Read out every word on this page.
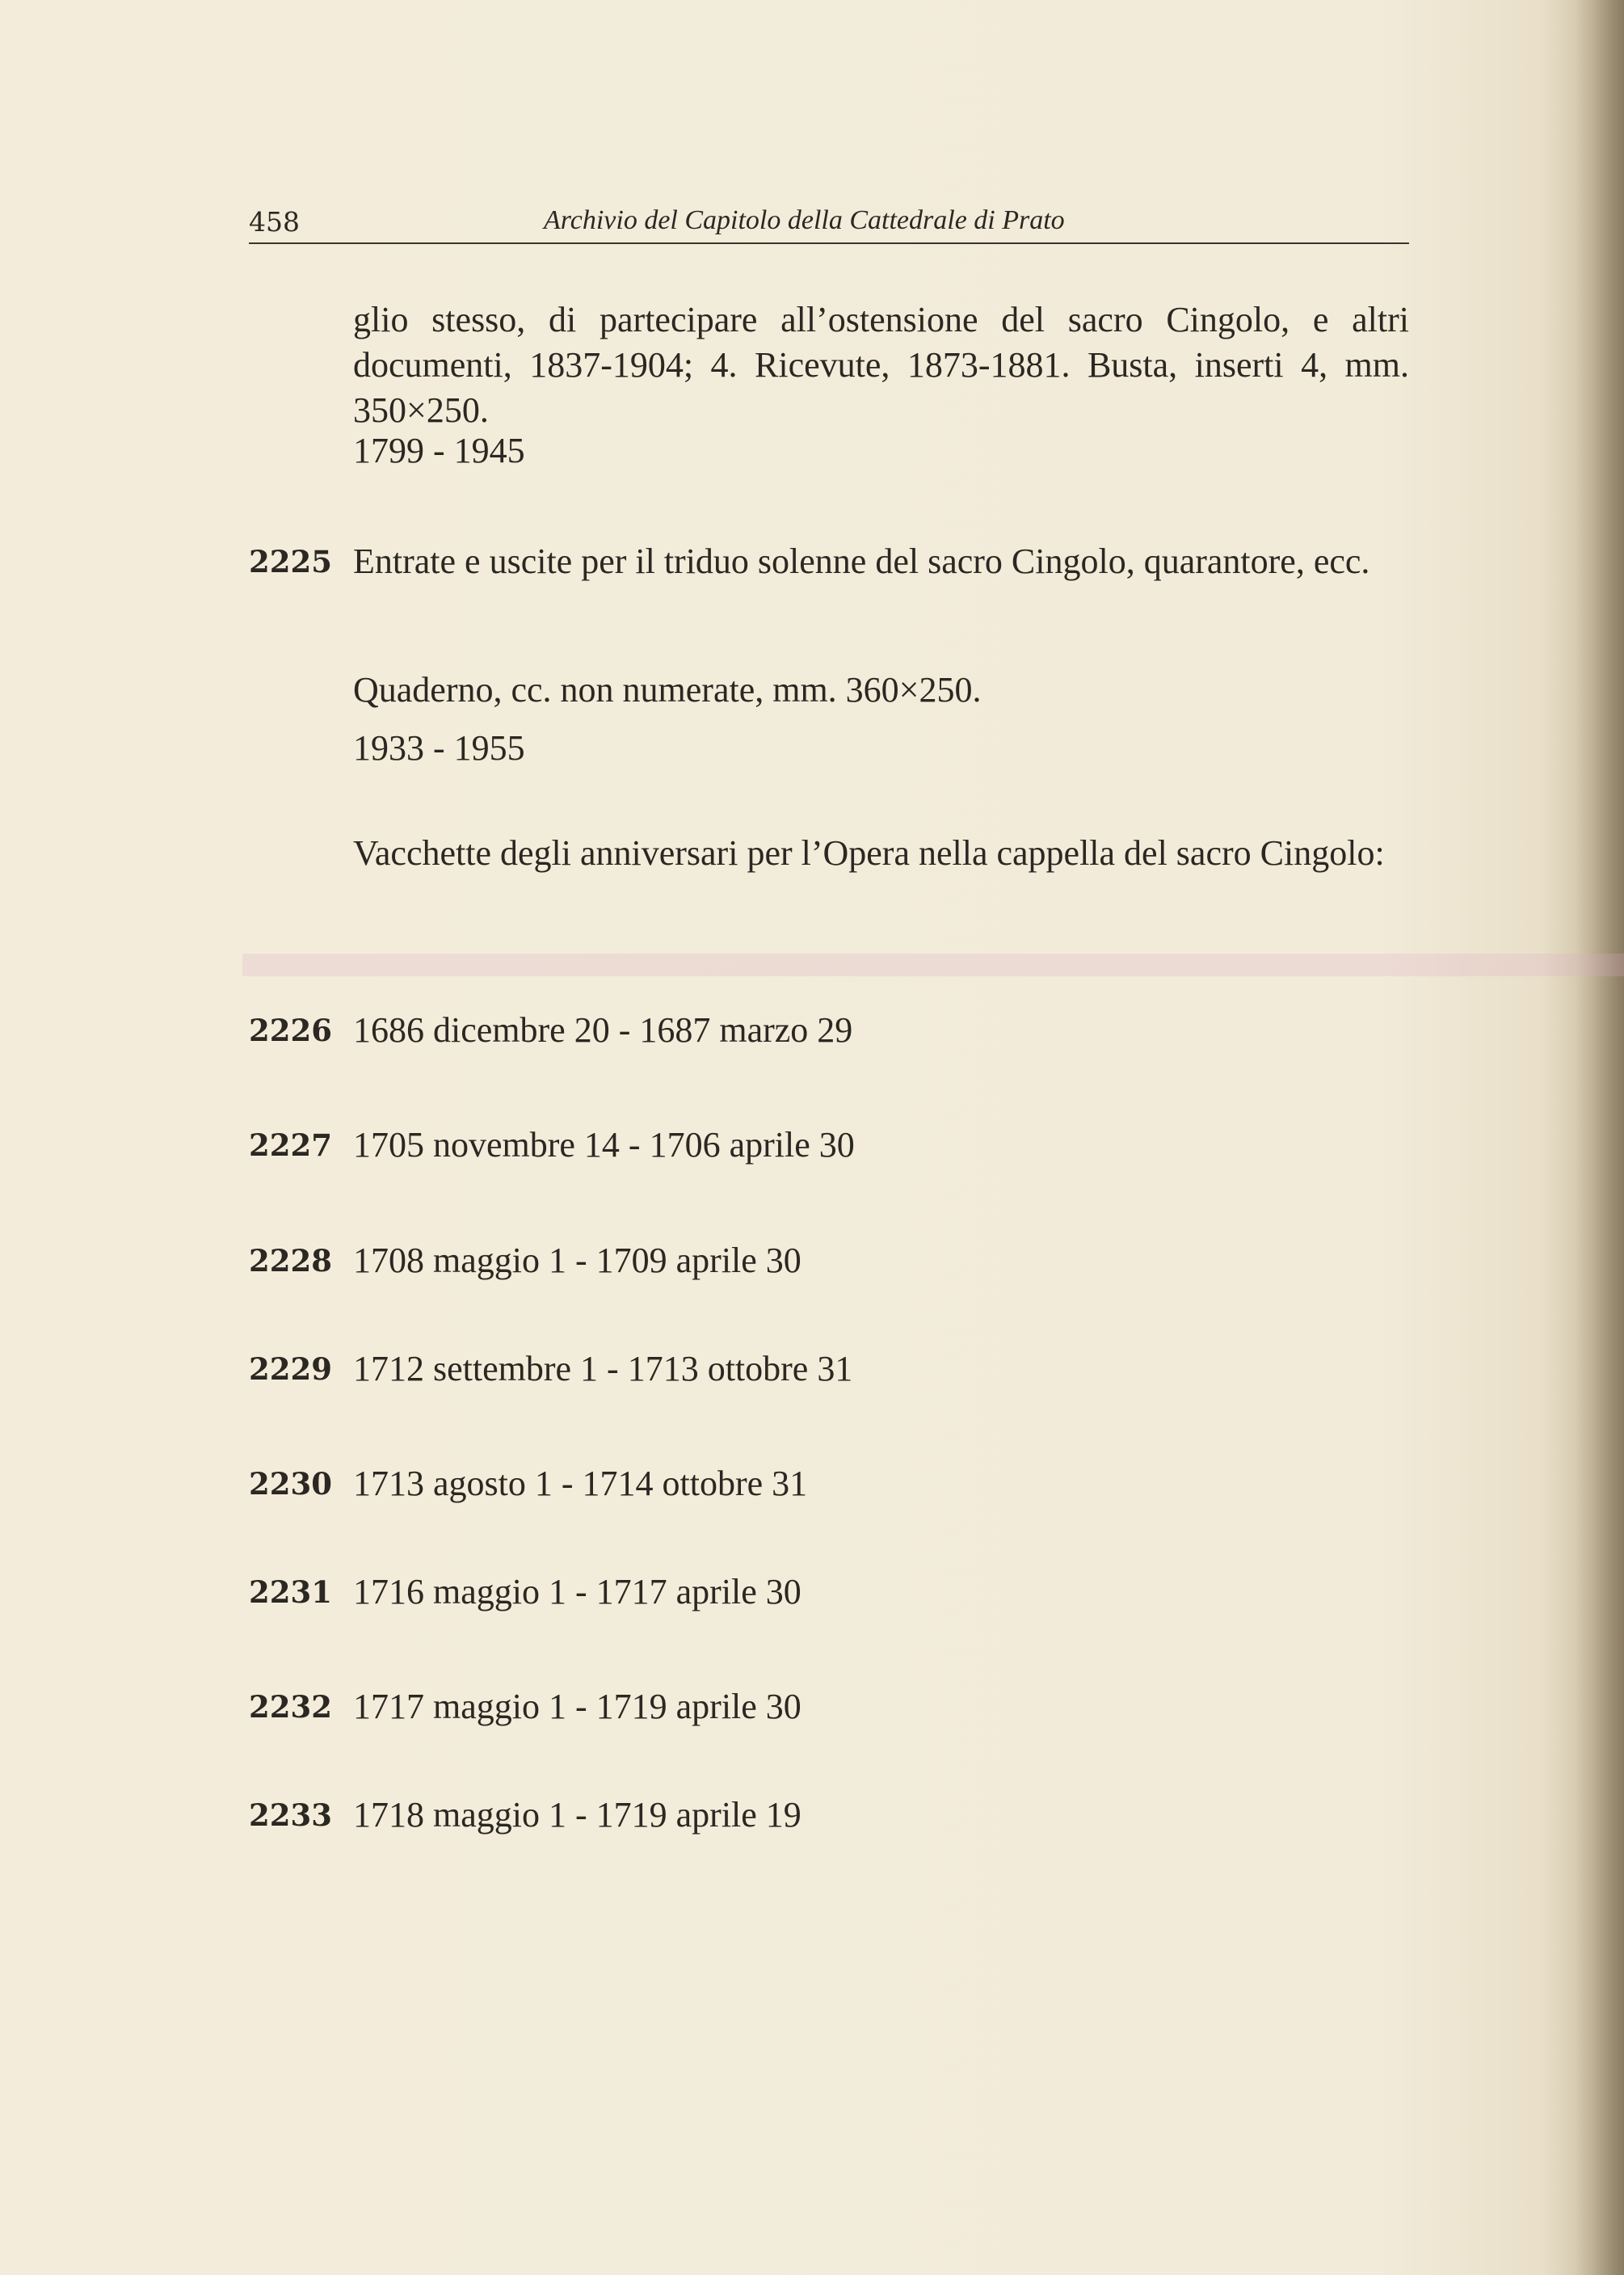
458	Archivio del Capitolo della Cattedrale di Prato
glio stesso, di partecipare all’ostensione del sacro Cingolo, e altri documenti, 1837-1904; 4. Ricevute, 1873-1881. Busta, inserti 4, mm. 350×250.
1799 - 1945
2225 Entrate e uscite per il triduo solenne del sacro Cingolo, quarantore, ecc.
Quaderno, cc. non numerate, mm. 360×250.
1933 - 1955
Vacchette degli anniversari per l’Opera nella cappella del sacro Cingolo:
2226 1686 dicembre 20 - 1687 marzo 29
2227 1705 novembre 14 - 1706 aprile 30
2228 1708 maggio 1 - 1709 aprile 30
2229 1712 settembre 1 - 1713 ottobre 31
2230 1713 agosto 1 - 1714 ottobre 31
2231 1716 maggio 1 - 1717 aprile 30
2232 1717 maggio 1 - 1719 aprile 30
2233 1718 maggio 1 - 1719 aprile 19
